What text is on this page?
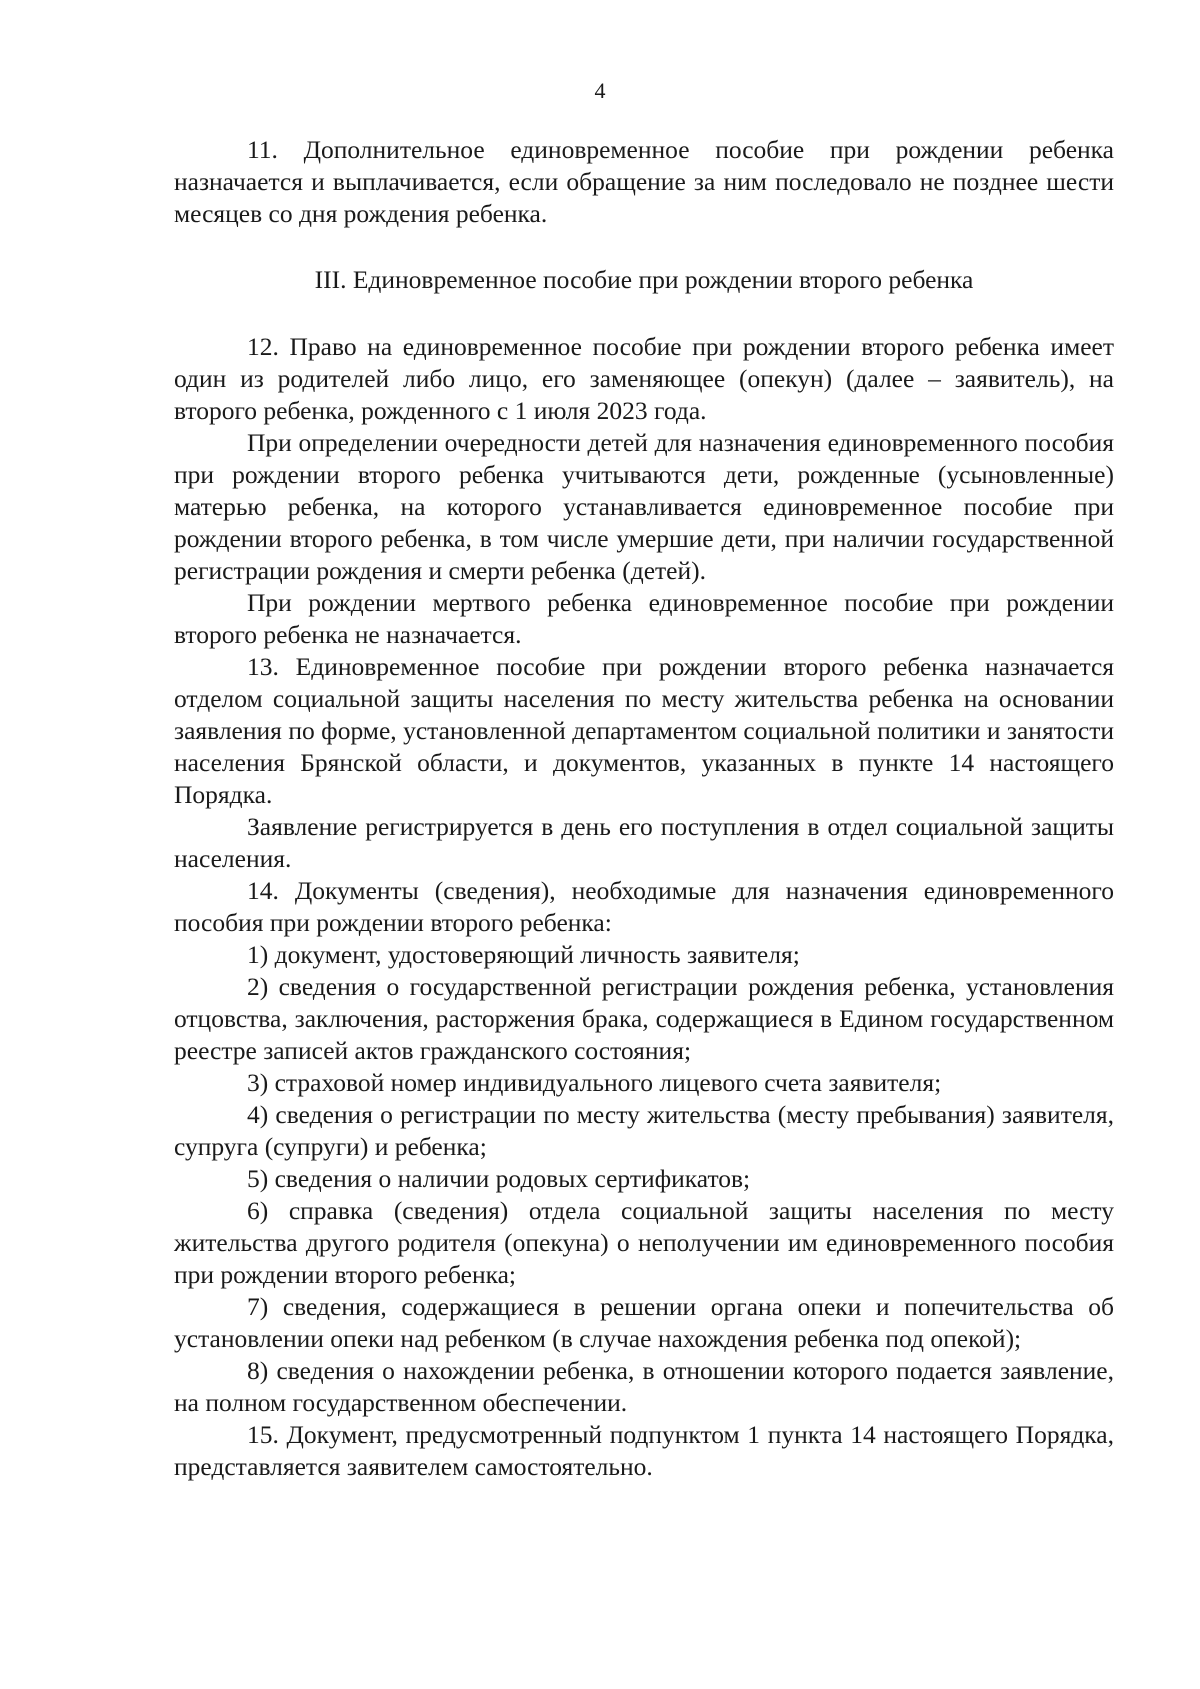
4

11. Дополнительное единовременное пособие при рождении ребенка назначается и выплачивается, если обращение за ним последовало не позднее шести месяцев со дня рождения ребенка.

III. Единовременное пособие при рождении второго ребенка

12. Право на единовременное пособие при рождении второго ребенка имеет один из родителей либо лицо, его заменяющее (опекун) (далее – заявитель), на второго ребенка, рожденного с 1 июля 2023 года.

При определении очередности детей для назначения единовременного пособия при рождении второго ребенка учитываются дети, рожденные (усыновленные) матерью ребенка, на которого устанавливается единовременное пособие при рождении второго ребенка, в том числе умершие дети, при наличии государственной регистрации рождения и смерти ребенка (детей).

При рождении мертвого ребенка единовременное пособие при рождении второго ребенка не назначается.

13. Единовременное пособие при рождении второго ребенка назначается отделом социальной защиты населения по месту жительства ребенка на основании заявления по форме, установленной департаментом социальной политики и занятости населения Брянской области, и документов, указанных в пункте 14 настоящего Порядка.

Заявление регистрируется в день его поступления в отдел социальной защиты населения.

14. Документы (сведения), необходимые для назначения единовременного пособия при рождении второго ребенка:

1) документ, удостоверяющий личность заявителя;

2) сведения о государственной регистрации рождения ребенка, установления отцовства, заключения, расторжения брака, содержащиеся в Едином государственном реестре записей актов гражданского состояния;

3) страховой номер индивидуального лицевого счета заявителя;

4) сведения о регистрации по месту жительства (месту пребывания) заявителя, супруга (супруги) и ребенка;

5) сведения о наличии родовых сертификатов;

6) справка (сведения) отдела социальной защиты населения по месту жительства другого родителя (опекуна) о неполучении им единовременного пособия при рождении второго ребенка;

7) сведения, содержащиеся в решении органа опеки и попечительства об установлении опеки над ребенком (в случае нахождения ребенка под опекой);

8) сведения о нахождении ребенка, в отношении которого подается заявление, на полном государственном обеспечении.

15. Документ, предусмотренный подпунктом 1 пункта 14 настоящего Порядка, представляется заявителем самостоятельно.
